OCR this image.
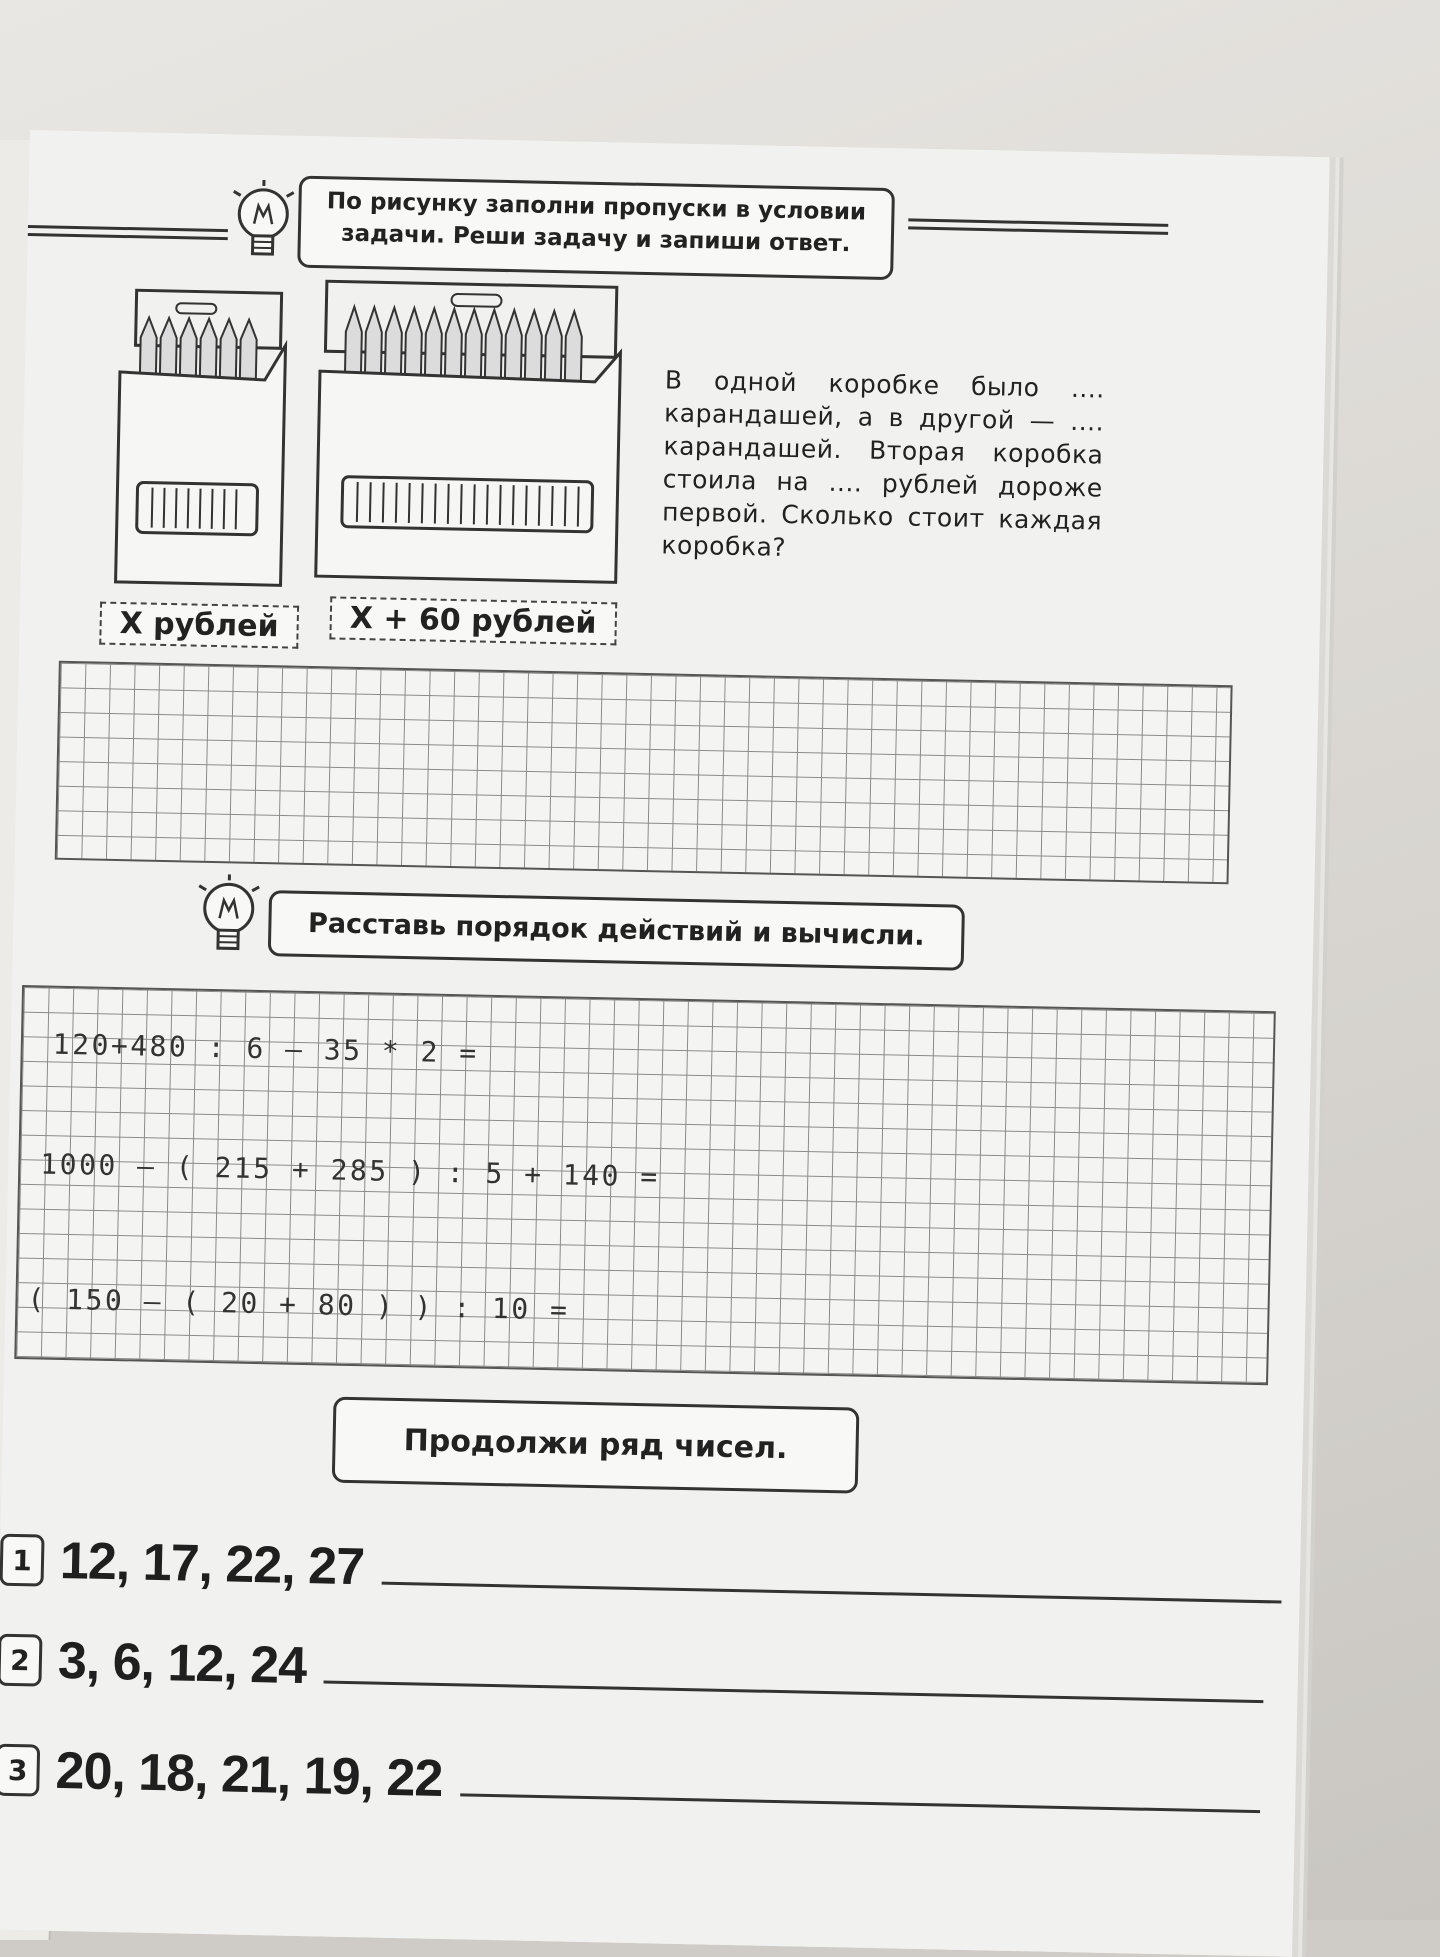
По рисунку заполни пропуски в условии
задачи. Реши задачу и запиши ответ.
X рублей	X + 60 рублей
В одной коробке было .... карандашей, а в другой — .... карандашей. Вторая коробка стоила на .... рублей дороже первой. Сколько стоит каждая коробка?
Расставь порядок действий и вычисли.
120+480 : 6 – 35 * 2 =
1000 – ( 215 + 285 ) : 5 + 140 =
( 150 – ( 20 + 80 ) ) : 10 =
Продолжи ряд чисел.
1 12, 17, 22, 27
2 3, 6, 12, 24
3 20, 18, 21, 19, 22
